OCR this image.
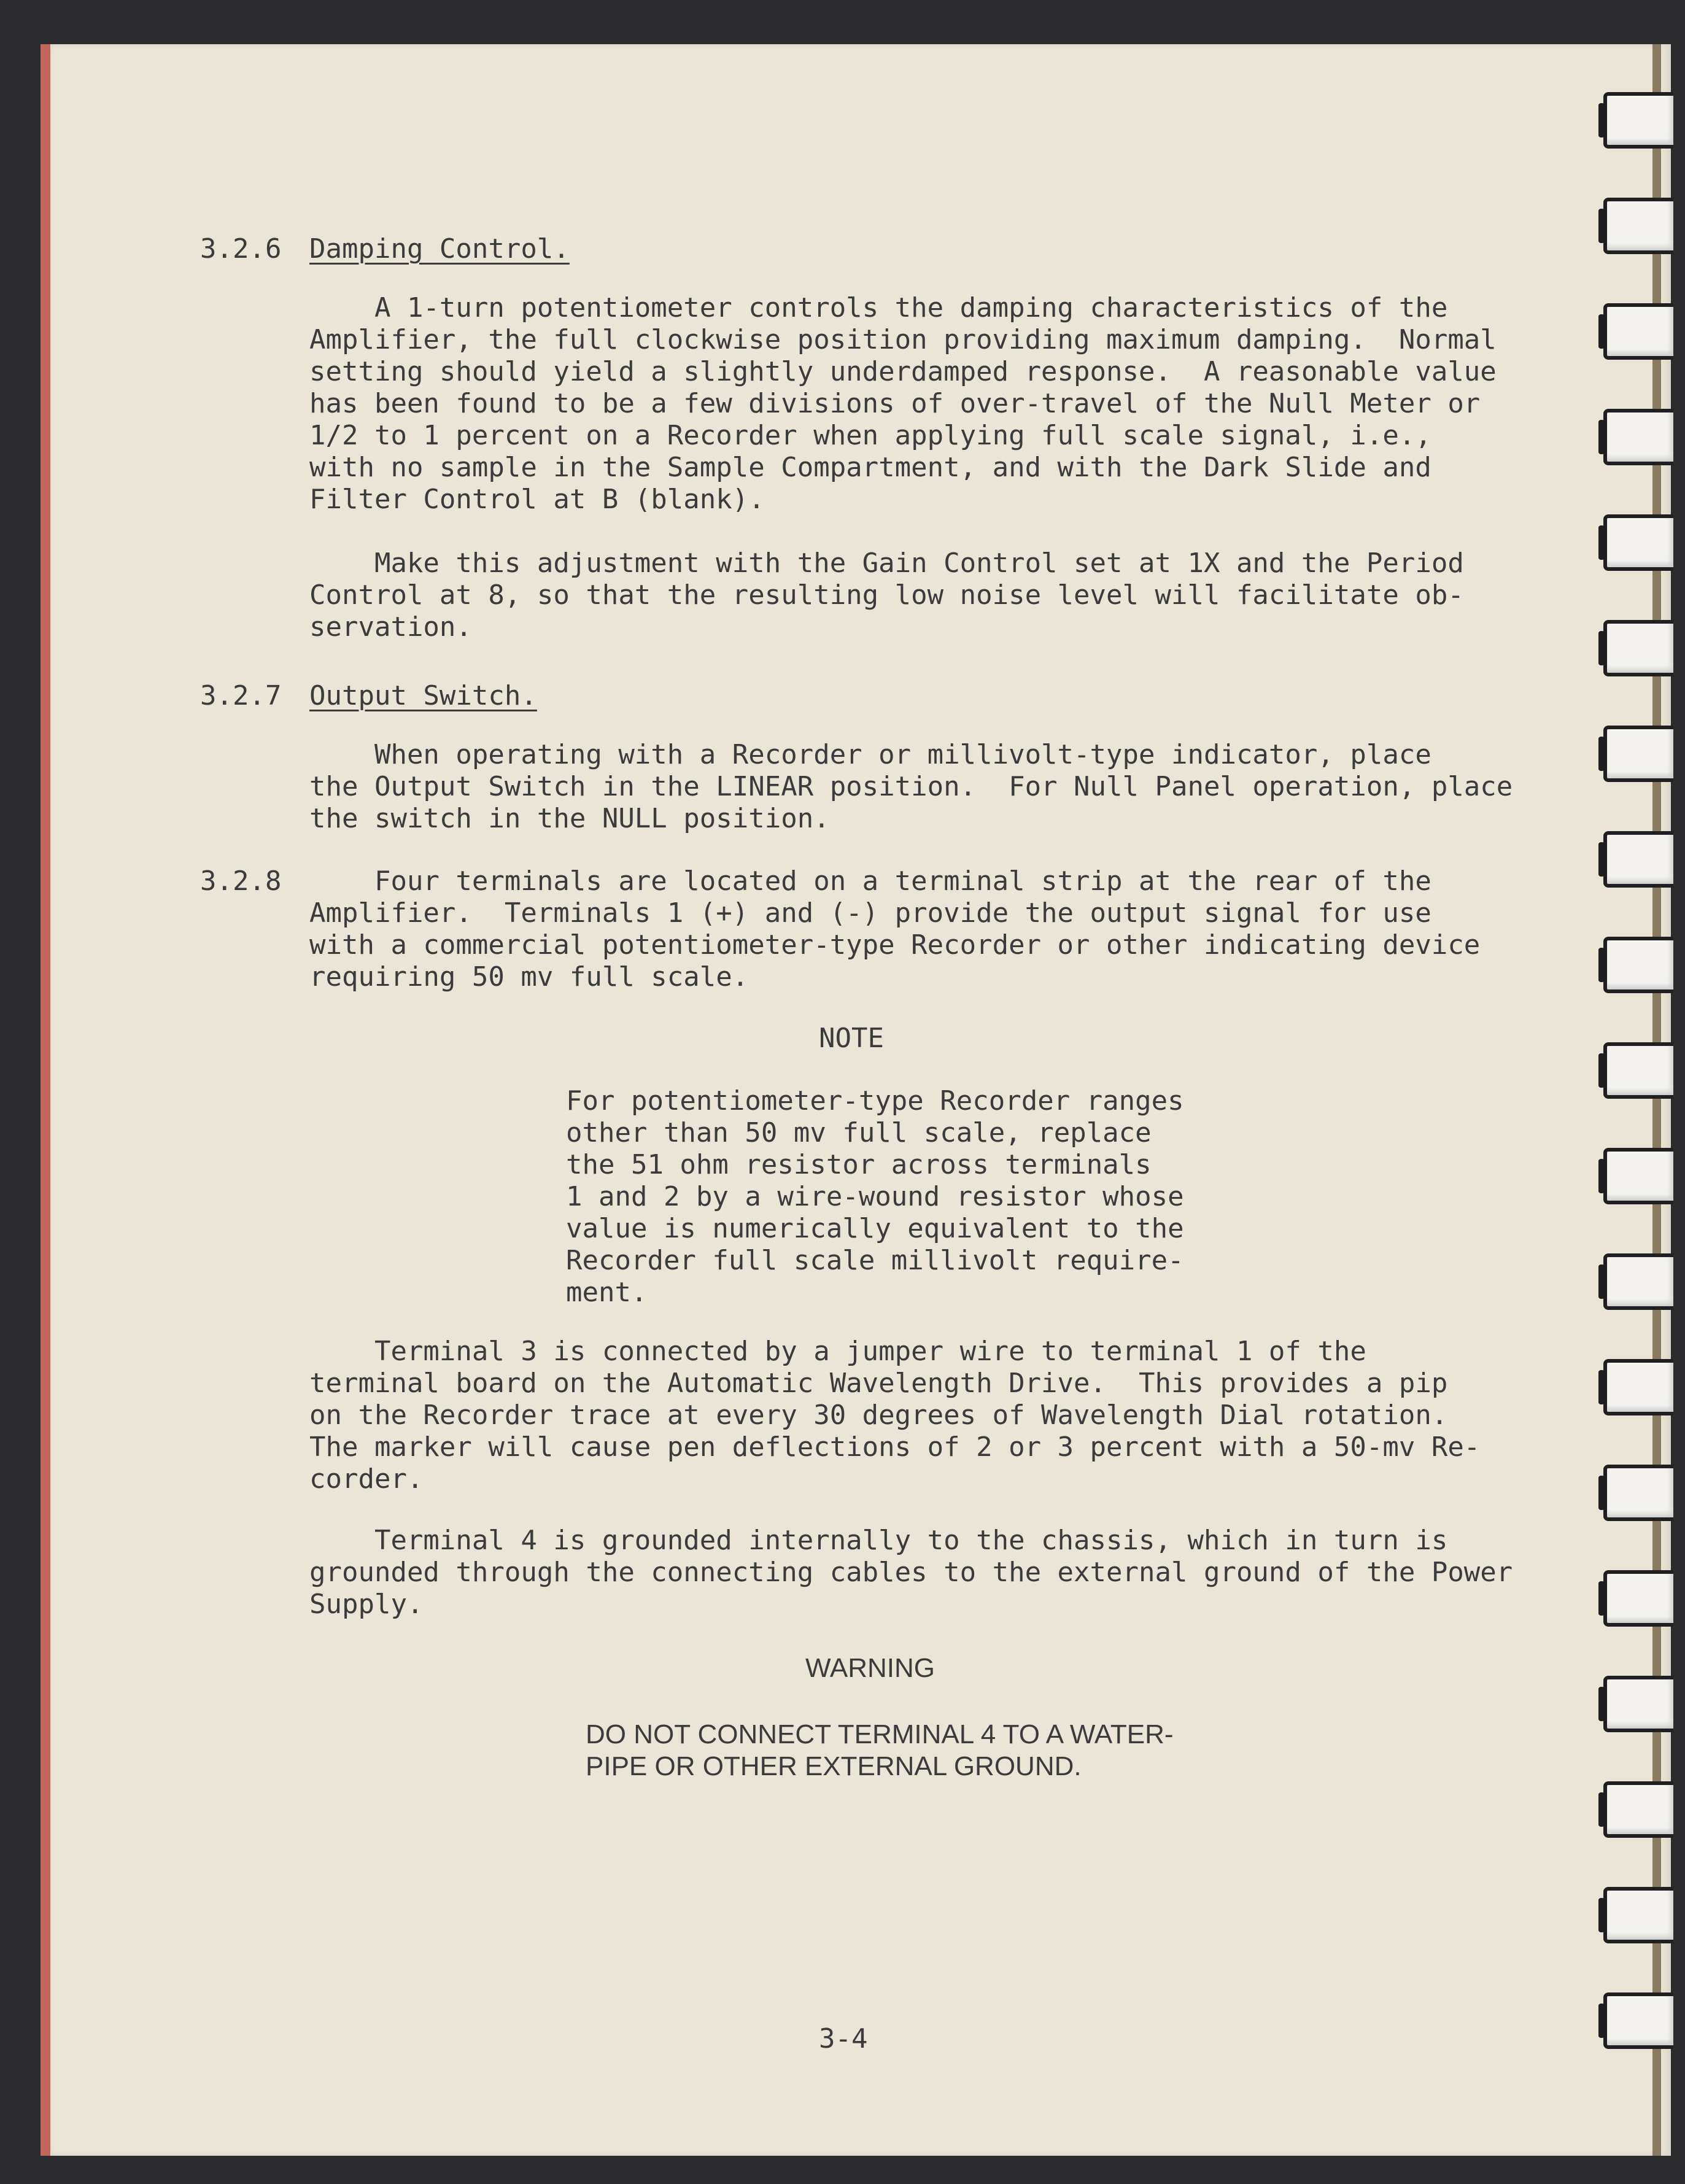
3.2.6 Damping Control.
A 1-turn potentiometer controls the damping characteristics of the
Amplifier, the full clockwise position providing maximum damping.  Normal
setting should yield a slightly underdamped response.  A reasonable value
has been found to be a few divisions of over-travel of the Null Meter or
1/2 to 1 percent on a Recorder when applying full scale signal, i.e.,
with no sample in the Sample Compartment, and with the Dark Slide and
Filter Control at B (blank).
Make this adjustment with the Gain Control set at 1X and the Period
Control at 8, so that the resulting low noise level will facilitate ob-
servation.
3.2.7 Output Switch.
When operating with a Recorder or millivolt-type indicator, place
the Output Switch in the LINEAR position.  For Null Panel operation, place
the switch in the NULL position.
3.2.8	Four terminals are located on a terminal strip at the rear of the
Amplifier.  Terminals 1 (+) and (-) provide the output signal for use
with a commercial potentiometer-type Recorder or other indicating device
requiring 50 mv full scale.
NOTE
For potentiometer-type Recorder ranges
other than 50 mv full scale, replace
the 51 ohm resistor across terminals
1 and 2 by a wire-wound resistor whose
value is numerically equivalent to the
Recorder full scale millivolt require-
ment.
Terminal 3 is connected by a jumper wire to terminal 1 of the
terminal board on the Automatic Wavelength Drive.  This provides a pip
on the Recorder trace at every 30 degrees of Wavelength Dial rotation.
The marker will cause pen deflections of 2 or 3 percent with a 50-mv Re-
corder.
Terminal 4 is grounded internally to the chassis, which in turn is
grounded through the connecting cables to the external ground of the Power
Supply.
WARNING
DO NOT CONNECT TERMINAL 4 TO A WATER-
PIPE OR OTHER EXTERNAL GROUND.
3-4
